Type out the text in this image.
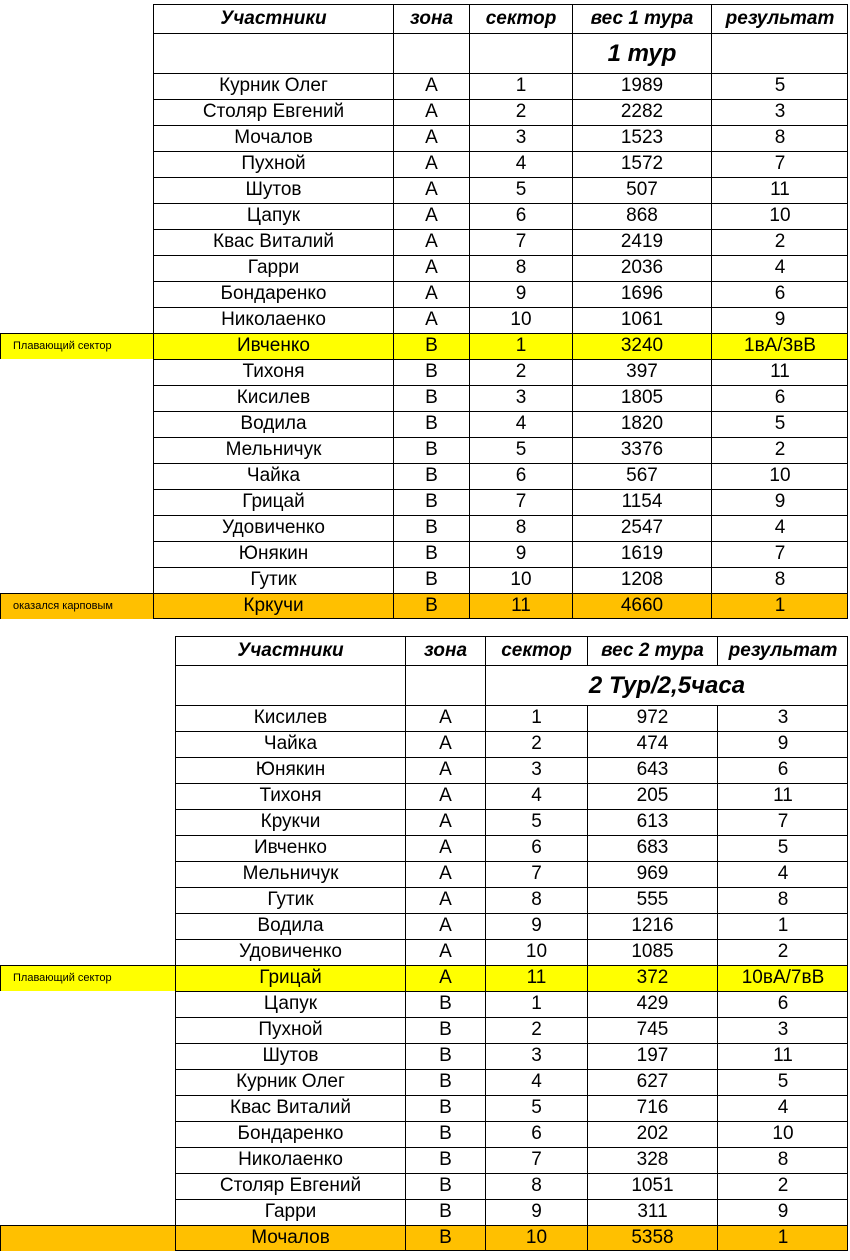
Участники	зона	сектор	вес 1 тура	результат
1 тур
Курник Олег	A	1	1989	5
Столяр Евгений	A	2	2282	3
Мочалов	A	3	1523	8
Пухной	A	4	1572	7
Шутов	A	5	507	11
Цапук	A	6	868	10
Квас Виталий	A	7	2419	2
Гарри	A	8	2036	4
Бондаренко	A	9	1696	6
Николаенко	A	10	1061	9
Плавающий сектор	Ивченко	B	1	3240	1вA/3вB
Тихоня	B	2	397	11
Кисилев	B	3	1805	6
Водила	B	4	1820	5
Мельничук	B	5	3376	2
Чайка	B	6	567	10
Грицай	B	7	1154	9
Удовиченко	B	8	2547	4
Юнякин	B	9	1619	7
Гутик	B	10	1208	8
оказался карповым	Кркучи	B	11	4660	1
Участники	зона	сектор	вес 2 тура	результат
2 Тур/2,5часа
Кисилев	A	1	972	3
Чайка	A	2	474	9
Юнякин	A	3	643	6
Тихоня	A	4	205	11
Крукчи	A	5	613	7
Ивченко	A	6	683	5
Мельничук	A	7	969	4
Гутик	A	8	555	8
Водила	A	9	1216	1
Удовиченко	A	10	1085	2
Плавающий сектор	Грицай	A	11	372	10вA/7вB
Цапук	B	1	429	6
Пухной	B	2	745	3
Шутов	B	3	197	11
Курник Олег	B	4	627	5
Квас Виталий	B	5	716	4
Бондаренко	B	6	202	10
Николаенко	B	7	328	8
Столяр Евгений	B	8	1051	2
Гарри	B	9	311	9
Мочалов	B	10	5358	1
